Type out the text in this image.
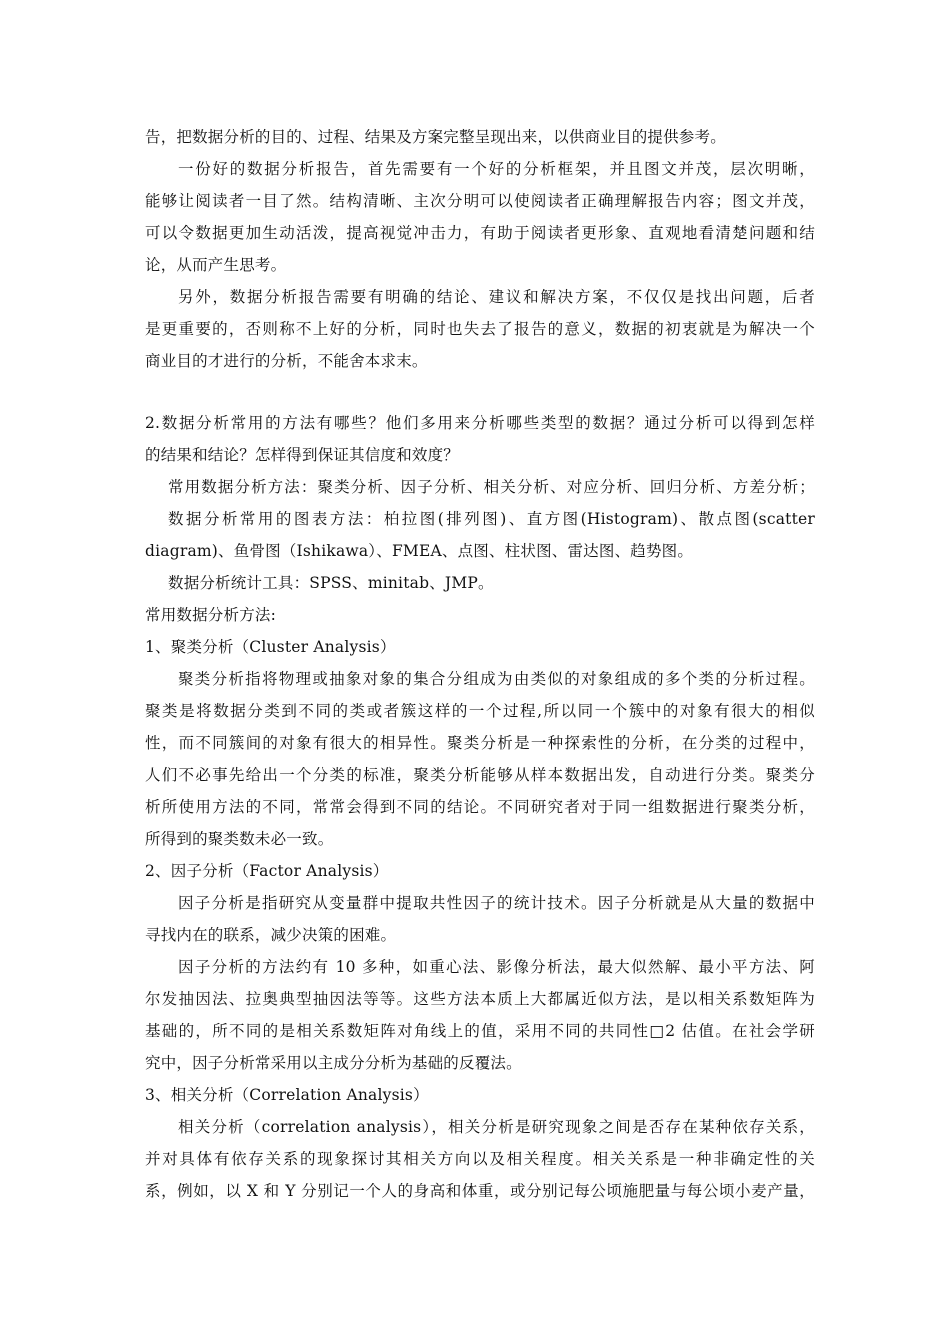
告，把数据分析的目的、过程、结果及方案完整呈现出来，以供商业目的提供参考。
一份好的数据分析报告，首先需要有一个好的分析框架，并且图文并茂，层次明晰，
能够让阅读者一目了然。结构清晰、主次分明可以使阅读者正确理解报告内容；图文并茂，
可以令数据更加生动活泼，提高视觉冲击力，有助于阅读者更形象、直观地看清楚问题和结
论，从而产生思考。
另外，数据分析报告需要有明确的结论、建议和解决方案，不仅仅是找出问题，后者
是更重要的，否则称不上好的分析，同时也失去了报告的意义，数据的初衷就是为解决一个
商业目的才进行的分析，不能舍本求末。
2.数据分析常用的方法有哪些？他们多用来分析哪些类型的数据？通过分析可以得到怎样
的结果和结论？怎样得到保证其信度和效度？
常用数据分析方法：聚类分析、因子分析、相关分析、对应分析、回归分析、方差分析；
数据分析常用的图表方法：柏拉图(排列图)、直方图(Histogram)、散点图(scatter
diagram)、鱼骨图（Ishikawa）、FMEA、点图、柱状图、雷达图、趋势图。
数据分析统计工具：SPSS、minitab、JMP。
常用数据分析方法:
1、聚类分析（Cluster Analysis）
聚类分析指将物理或抽象对象的集合分组成为由类似的对象组成的多个类的分析过程。
聚类是将数据分类到不同的类或者簇这样的一个过程,所以同一个簇中的对象有很大的相似
性，而不同簇间的对象有很大的相异性。聚类分析是一种探索性的分析，在分类的过程中，
人们不必事先给出一个分类的标准，聚类分析能够从样本数据出发，自动进行分类。聚类分
析所使用方法的不同，常常会得到不同的结论。不同研究者对于同一组数据进行聚类分析，
所得到的聚类数未必一致。
2、因子分析（Factor Analysis）
因子分析是指研究从变量群中提取共性因子的统计技术。因子分析就是从大量的数据中
寻找内在的联系，减少决策的困难。
因子分析的方法约有 10 多种，如重心法、影像分析法，最大似然解、最小平方法、阿
尔发抽因法、拉奥典型抽因法等等。这些方法本质上大都属近似方法，是以相关系数矩阵为
基础的，所不同的是相关系数矩阵对角线上的值，采用不同的共同性□2 估值。在社会学研
究中，因子分析常采用以主成分分析为基础的反覆法。
3、相关分析（Correlation Analysis）
相关分析（correlation analysis），相关分析是研究现象之间是否存在某种依存关系，
并对具体有依存关系的现象探讨其相关方向以及相关程度。相关关系是一种非确定性的关
系，例如，以 X 和 Y 分别记一个人的身高和体重，或分别记每公顷施肥量与每公顷小麦产量，
